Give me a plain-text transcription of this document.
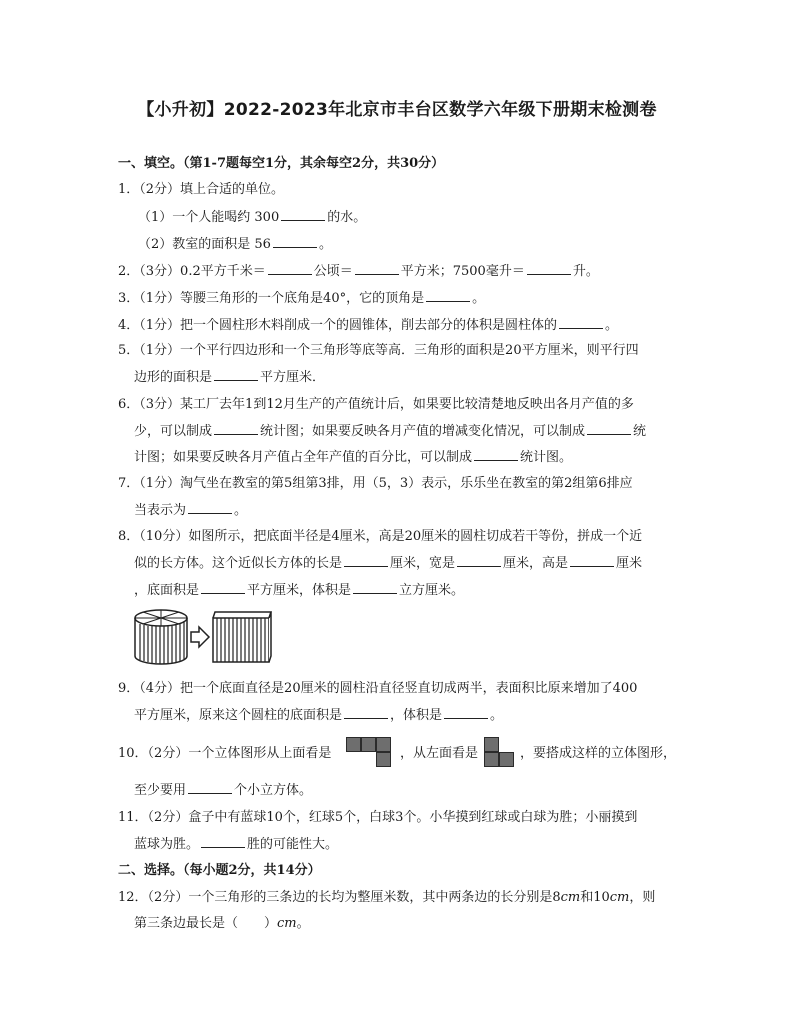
【小升初】2022-2023年北京市丰台区数学六年级下册期末检测卷
一、填空。（第1-7题每空1分，其余每空2分，共30分）
1．（2分）填上合适的单位。
（1）一个人能喝约 300	的水。
（2）教室的面积是 56	。
2．（3分）0.2平方千米＝	公顷＝	平方米；7500毫升＝	升。
3．（1分）等腰三角形的一个底角是40°，它的顶角是	。
4．（1分）把一个圆柱形木料削成一个的圆锥体，削去部分的体积是圆柱体的	。
5．（1分）一个平行四边形和一个三角形等底等高．三角形的面积是20平方厘米，则平行四
边形的面积是	平方厘米．
6．（3分）某工厂去年1到12月生产的产值统计后，如果要比较清楚地反映出各月产值的多
少，可以制成	统计图；如果要反映各月产值的增减变化情况，可以制成	统
计图；如果要反映各月产值占全年产值的百分比，可以制成	统计图。
7．（1分）淘气坐在教室的第5组第3排，用（5，3）表示，乐乐坐在教室的第2组第6排应
当表示为	。
8．（10分）如图所示，把底面半径是4厘米，高是20厘米的圆柱切成若干等份，拼成一个近
似的长方体。这个近似长方体的长是	厘米，宽是	厘米，高是	厘米
，底面积是	平方厘米，体积是	立方厘米。
9．（4分）把一个底面直径是20厘米的圆柱沿直径竖直切成两半，表面积比原来增加了400
平方厘米，原来这个圆柱的底面积是	，体积是	。
10．（2分）一个立体图形从上面看是	，从左面看是	，要搭成这样的立体图形，
至少要用	个小立方体。
11．（2分）盒子中有蓝球10个，红球5个，白球3个。小华摸到红球或白球为胜；小丽摸到
蓝球为胜。	胜的可能性大。
二、选择。（每小题2分，共14分）
12．（2分）一个三角形的三条边的长均为整厘米数，其中两条边的长分别是8cm和10cm，则
第三条边最长是（　　）cm。
